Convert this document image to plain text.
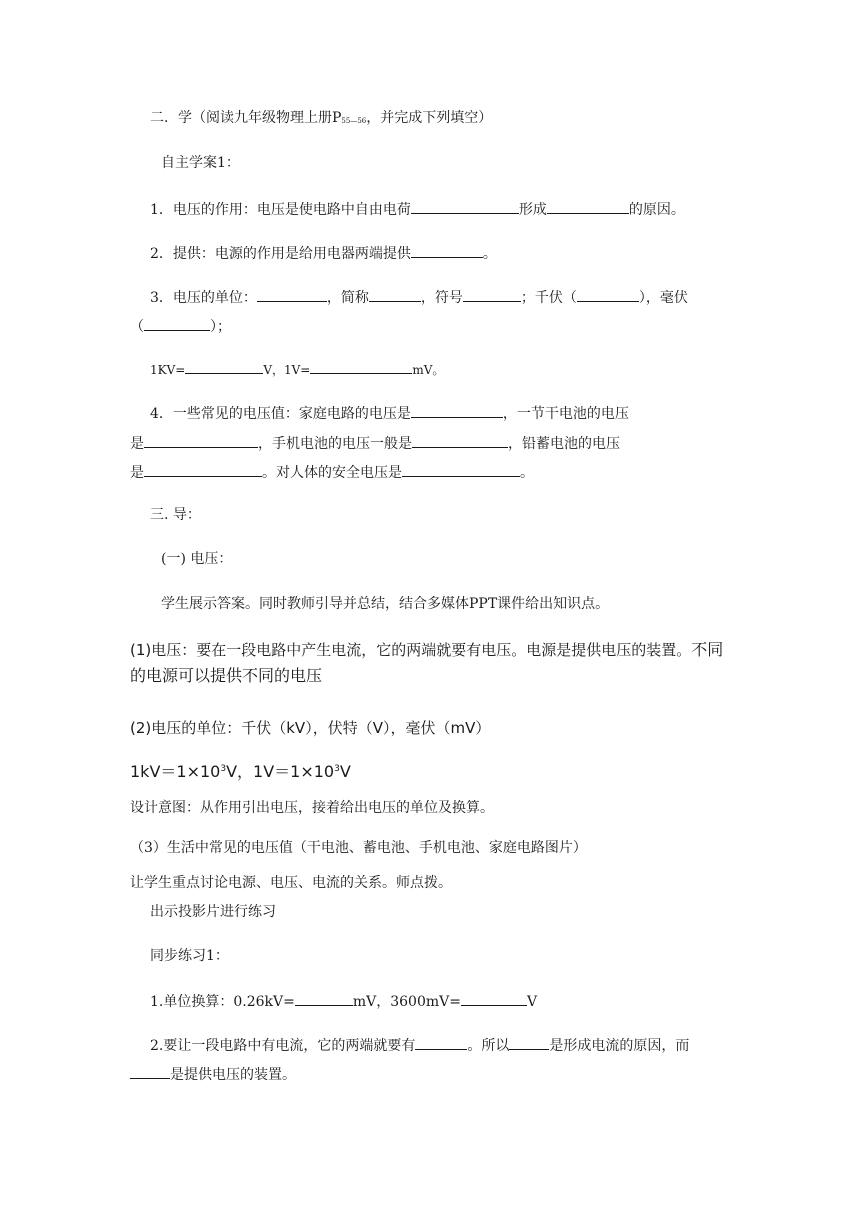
二．学（阅读九年级物理上册$P_{55—56}$，并完成下列填空）
自主学案1：
1．电压的作用：电压是使电路中自由电荷	形成	的原因。
2．提供：电源的作用是给用电器两端提供	。
3．电压的单位：	，简称	，符号	；千伏（	），毫伏
（	）；
1KV=	V，1V=	mV。
4．一些常见的电压值：家庭电路的电压是	，一节干电池的电压
是	，手机电池的电压一般是	，铅蓄电池的电压
是	。对人体的安全电压是	。
三. 导：
(一) 电压：
学生展示答案。同时教师引导并总结，结合多媒体PPT课件给出知识点。
(1)电压：要在一段电路中产生电流，它的两端就要有电压。电源是提供电压的装置。不同
的电源可以提供不同的电压
(2)电压的单位：千伏（kV），伏特（V），毫伏（mV）
$1kV=1\times 10^3V$，$1V=1\times 10^3V$
设计意图：从作用引出电压，接着给出电压的单位及换算。
（3）生活中常见的电压值（干电池、蓄电池、手机电池、家庭电路图片）
让学生重点讨论电源、电压、电流的关系。师点拨。
出示投影片进行练习
同步练习1：
1.单位换算：0.26kV=	mV，3600mV=	V
2.要让一段电路中有电流，它的两端就要有	。所以	是形成电流的原因，而
是提供电压的装置。
